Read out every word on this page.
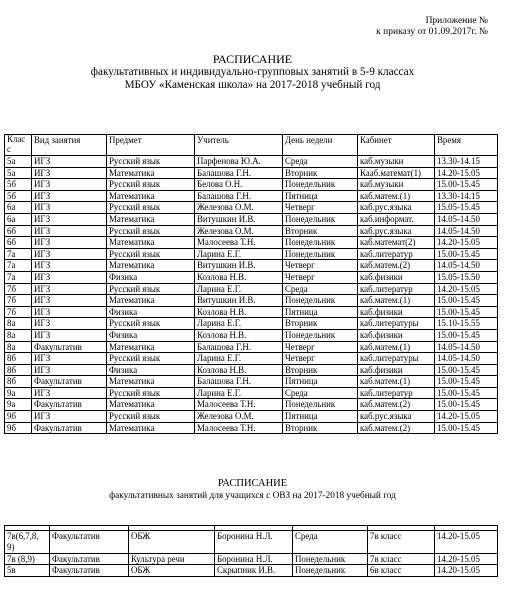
Приложение №
к приказу от 01.09.2017г. №
РАСПИСАНИЕ
факультативных и индивидуально-групповых занятий в 5-9 классах
МБОУ «Каменская школа» на 2017-2018 учебный год
Клас с	Вид занятия	Предмет	Учитель	День недели	Кабинет	Время
5а	ИГЗ	Русский язык	Парфенова Ю.А.	Среда	каб.музыки	13.30-14.15
5а	ИГЗ	Математика	Балашова Г.Н.	Вторник	Кааб.математ(1)	14.20-15.05
5б	ИГЗ	Русский язык	Белова О.Н.	Понедельник	каб.музыки	15.00-15.45
5б	ИГЗ	Математика	Балашова Г.Н.	Пятница	каб.матем.(1)	13.30-14.15
6а	ИГЗ	Русский язык	Железова О.М.	Четверг	каб.рус.языка	15.05-15.45
6а	ИГЗ	Математика	Витушкин И.В.	Понедельник	каб.информат.	14.05-14.50
6б	ИГЗ	Русский язык	Железова О.М.	Вторник	каб.рус.языка	14.05-14.50
6б	ИГЗ	Математика	Малосеева Т.Н.	Понедельник	каб.математ(2)	14.20-15.05
7а	ИГЗ	Русский язык	Ларина Е.Г.	Понедельник	каб.литератур	15.00-15.45
7а	ИГЗ	Математика	Витушкин И.В.	Четверг	каб.матем.(2)	14.05-14.50
7а	ИГЗ	Физика	Козлова Н.В.	Четверг	каб.физики	15.05-15.50
7б	ИГЗ	Русский язык	Ларина Е.Г.	Среда	каб.литератур	14.20-15.05
7б	ИГЗ	Математика	Витушкин И.В.	Понедельник	каб.матем.(1)	15.00-15.45
7б	ИГЗ	Физика	Козлова Н.В.	Пятница	каб.физики	15.00-15.45
8а	ИГЗ	Русский язык	Ларина Е.Г.	Вторник	каб.литературы	15.10-15.55
8а	ИГЗ	Физика	Козлова Н.В.	Понедельник	каб.физики	15.00-15.45
8а	Факультатив	Математика	Балашова Г.Н.	Четверг	каб.матем.(1)	14.05-14.50
8б	ИГЗ	Русский язык	Ларина Е.Г.	Четверг	каб.литературы	14.05-14.50
8б	ИГЗ	Физика	Козлова Н.В.	Вторник	каб.физики	15.00-15.45
8б	Факультатив	Математика	Балашова Г.Н.	Пятница	каб.матем.(1)	15.00-15.45
9а	ИГЗ	Русский язык	Ларина Е.Г.	Среда	каб.литератур	15.00-15.45
9а	Факультатив	Математика	Малосеева Т.Н.	Понедельник	каб.матем.(2)	15.00-15.45
9б	ИГЗ	Русский язык	Железова О.М.	Пятница	каб.рус.языка	14.20-15.05
9б	Факультатив	Математика	Малосеева Т.Н.	Вторник	каб.матем.(2)	15.00-15.45
РАСПИСАНИЕ
факультативных занятий для учащихся с ОВЗ на 2017-2018 учебный год

7в(6,7,8, 9)	Факультатив	ОБЖ	Боронина Н.Л.	Среда	7в класс	14.20-15.05
7в (8,9)	Факультатив	Культура речи	Боронина Н.Л.	Понедельник	7в класс	14.20-15.05
5в	Факультатив	ОБЖ	Скрыпник И.В.	Понедельник	6в класс	14.20-15.05
